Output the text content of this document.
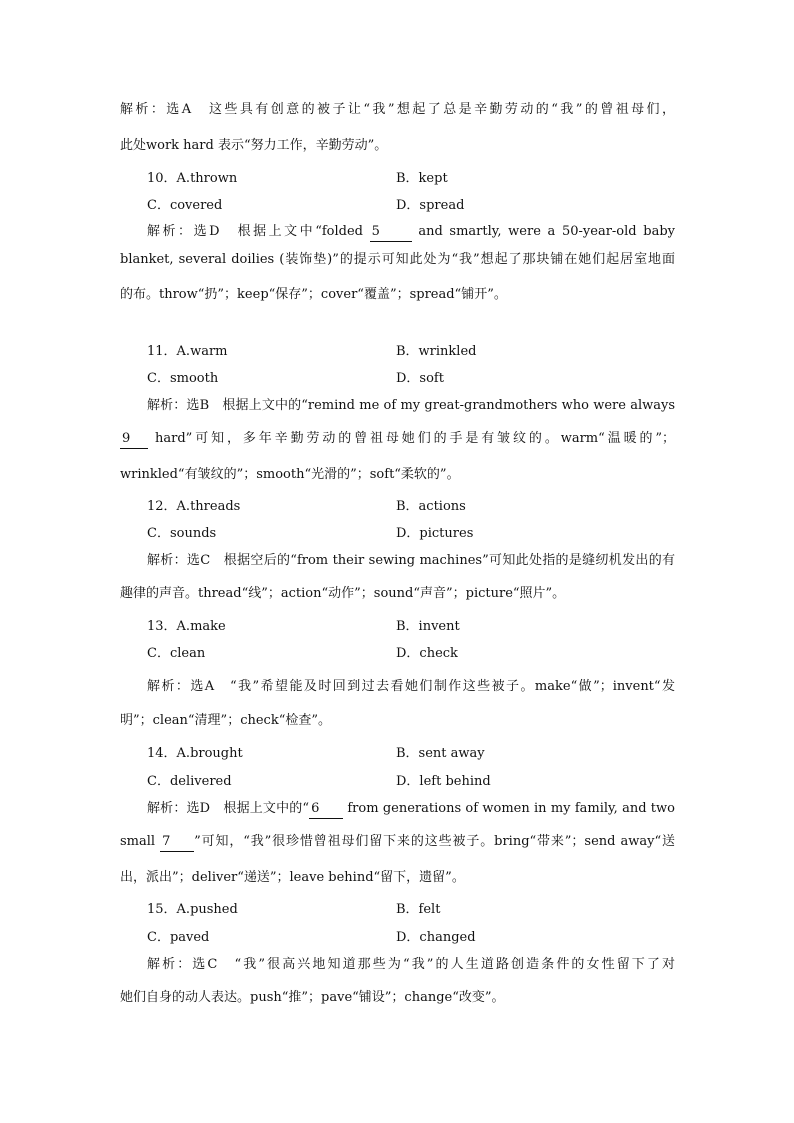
解析：选A　这些具有创意的被子让“我”想起了总是辛勤劳动的“我”的曾祖母们，
此处work hard 表示“努力工作，辛勤劳动”。
10．A.thrown	B．kept
C．covered	D．spread
解析：选D　根据上文中“folded 5 and smartly, were a 50-year-old baby
blanket, several doilies (装饰垫)”的提示可知此处为“我”想起了那块铺在她们起居室地面
的布。throw“扔”；keep“保存”；cover“覆盖”；spread“铺开”。
11．A.warm	B．wrinkled
C．smooth	D．soft
解析：选B　根据上文中的“remind me of my great-grandmothers who were always
9 hard”可知，多年辛勤劳动的曾祖母她们的手是有皱纹的。warm“温暖的”；
wrinkled“有皱纹的”；smooth“光滑的”；soft“柔软的”。
12．A.threads	B．actions
C．sounds	D．pictures
解析：选C　根据空后的“from their sewing machines”可知此处指的是缝纫机发出的有
趣律的声音。thread“线”；action“动作”；sound“声音”；picture“照片”。
13．A.make	B．invent
C．clean	D．check
解析：选A　“我”希望能及时回到过去看她们制作这些被子。make“做”；invent“发
明”；clean“清理”；check“检查”。
14．A.brought	B．sent away
C．delivered	D．left behind
解析：选D　根据上文中的“ 6 from generations of women in my family, and two
small 7 ”可知，“我”很珍惜曾祖母们留下来的这些被子。bring“带来”；send away“送
出，派出”；deliver“递送”；leave behind“留下，遗留”。
15．A.pushed	B．felt
C．paved	D．changed
解析：选C　“我”很高兴地知道那些为“我”的人生道路创造条件的女性留下了对
她们自身的动人表达。push“推”；pave“铺设”；change“改变”。
